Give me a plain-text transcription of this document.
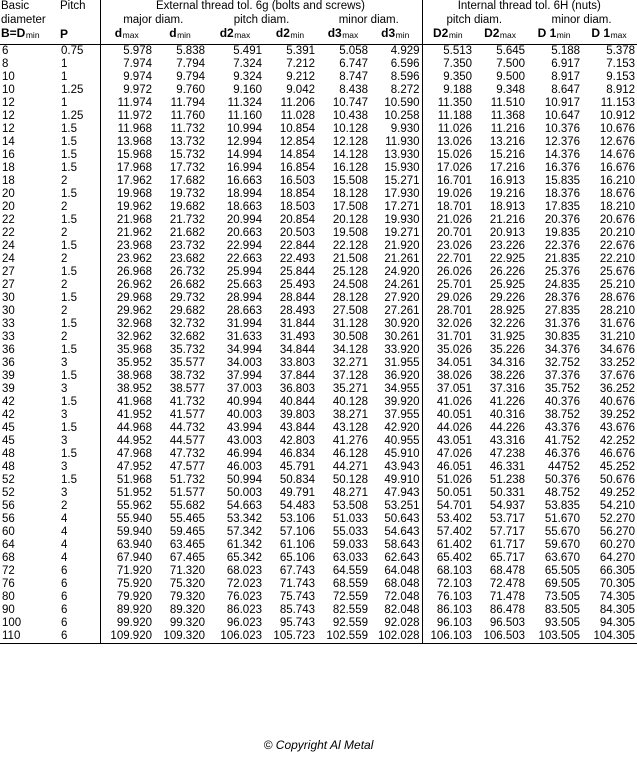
Basic	Pitch	External thread tol. 6g (bolts and screws)						Internal thread tol. 6H (nuts)			
diameter		major diam.		pitch diam.		minor diam.		pitch diam.		minor diam.	
B=Dmin	P	dmax	dmin	d2max	d2min	d3max	d3min	D2min	D2max	D 1min	D 1max
6	0.75	5.978	5.838	5.491	5.391	5.058	4.929	5.513	5.645	5.188	5.378
8	1	7.974	7.794	7.324	7.212	6.747	6.596	7.350	7.500	6.917	7.153
10	1	9.974	9.794	9.324	9.212	8.747	8.596	9.350	9.500	8.917	9.153
10	1.25	9.972	9.760	9.160	9.042	8.438	8.272	9.188	9.348	8.647	8.912
12	1	11.974	11.794	11.324	11.206	10.747	10.590	11.350	11.510	10.917	11.153
12	1.25	11.972	11.760	11.160	11.028	10.438	10.258	11.188	11.368	10.647	10.912
12	1.5	11.968	11.732	10.994	10.854	10.128	9.930	11.026	11.216	10.376	10.676
14	1.5	13.968	13.732	12.994	12.854	12.128	11.930	13.026	13.216	12.376	12.676
16	1.5	15.968	15.732	14.994	14.854	14.128	13.930	15.026	15.216	14.376	14.676
18	1.5	17.968	17.732	16.994	16.854	16.128	15.930	17.026	17.216	16.376	16.676
18	2	17.962	17.682	16.663	16.503	15.508	15.271	16.701	16.913	15.835	16.210
20	1.5	19.968	19.732	18.994	18.854	18.128	17.930	19.026	19.216	18.376	18.676
20	2	19.962	19.682	18.663	18.503	17.508	17.271	18.701	18.913	17.835	18.210
22	1.5	21.968	21.732	20.994	20.854	20.128	19.930	21.026	21.216	20.376	20.676
22	2	21.962	21.682	20.663	20.503	19.508	19.271	20.701	20.913	19.835	20.210
24	1.5	23.968	23.732	22.994	22.844	22.128	21.920	23.026	23.226	22.376	22.676
24	2	23.962	23.682	22.663	22.493	21.508	21.261	22.701	22.925	21.835	22.210
27	1.5	26.968	26.732	25.994	25.844	25.128	24.920	26.026	26.226	25.376	25.676
27	2	26.962	26.682	25.663	25.493	24.508	24.261	25.701	25.925	24.835	25.210
30	1.5	29.968	29.732	28.994	28.844	28.128	27.920	29.026	29.226	28.376	28.676
30	2	29.962	29.682	28.663	28.493	27.508	27.261	28.701	28.925	27.835	28.210
33	1.5	32.968	32.732	31.994	31.844	31.128	30.920	32.026	32.226	31.376	31.676
33	2	32.962	32.682	31.633	31.493	30.508	30.261	31.701	31.925	30.835	31.210
36	1.5	35.968	35.732	34.994	34.844	34.128	33.920	35.026	35.226	34.376	34.676
36	3	35.952	35.577	34.003	33.803	32.271	31.955	34.051	34.316	32.752	33.252
39	1.5	38.968	38.732	37.994	37.844	37.128	36.920	38.026	38.226	37.376	37.676
39	3	38.952	38.577	37.003	36.803	35.271	34.955	37.051	37.316	35.752	36.252
42	1.5	41.968	41.732	40.994	40.844	40.128	39.920	41.026	41.226	40.376	40.676
42	3	41.952	41.577	40.003	39.803	38.271	37.955	40.051	40.316	38.752	39.252
45	1.5	44.968	44.732	43.994	43.844	43.128	42.920	44.026	44.226	43.376	43.676
45	3	44.952	44.577	43.003	42.803	41.276	40.955	43.051	43.316	41.752	42.252
48	1.5	47.968	47.732	46.994	46.834	46.128	45.910	47.026	47.238	46.376	46.676
48	3	47.952	47.577	46.003	45.791	44.271	43.943	46.051	46.331	44752	45.252
52	1.5	51.968	51.732	50.994	50.834	50.128	49.910	51.026	51.238	50.376	50.676
52	3	51.952	51.577	50.003	49.791	48.271	47.943	50.051	50.331	48.752	49.252
56	2	55.962	55.682	54.663	54.483	53.508	53.251	54.701	54.937	53.835	54.210
56	4	55.940	55.465	53.342	53.106	51.033	50.643	53.402	53.717	51.670	52.270
60	4	59.940	59.465	57.342	57.106	55.033	54.643	57.402	57.717	55.670	56.270
64	4	63.940	63.465	61.342	61.106	59.033	58.643	61.402	61.717	59.670	60.270
68	4	67.940	67.465	65.342	65.106	63.033	62.643	65.402	65.717	63.670	64.270
72	6	71.920	71.320	68.023	67.743	64.559	64.048	68.103	68.478	65.505	66.305
76	6	75.920	75.320	72.023	71.743	68.559	68.048	72.103	72.478	69.505	70.305
80	6	79.920	79.320	76.023	75.743	72.559	72.048	76.103	71.478	73.505	74.305
90	6	89.920	89.320	86.023	85.743	82.559	82.048	86.103	86.478	83.505	84.305
100	6	99.920	99.320	96.023	95.743	92.559	92.028	96.103	96.503	93.505	94.305
110	6	109.920	109.320	106.023	105.723	102.559	102.028	106.103	106.503	103.505	104.305
© Copyright Al Metal
